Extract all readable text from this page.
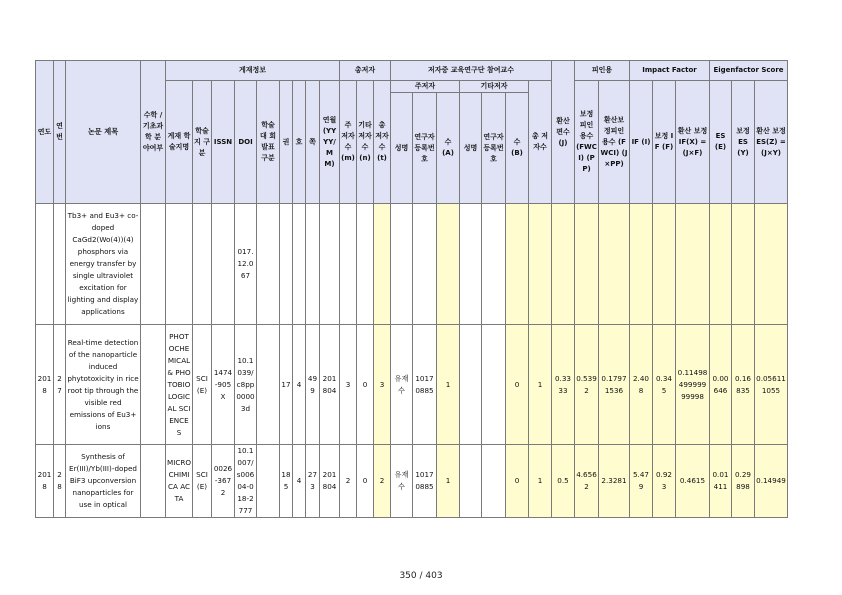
연도	연번	논문 제목	수학 /기초과학 분야여부	게재정보									총저자			저자중 교육연구단 참여교수							환산 편수 (J)	피인용		Impact Factor			Eigenfactor Score		
				게재 학술지명	학술지 구분	ISSN	DOI	학술대 회발표 구분	권	호	쪽	연월 (YYYY/ MM)	주 저자 수 (m)	기타 저자 수 (n)	총 저자 수 (t)	주저자			기타저자			총 저자수		보정 피인 용수 (FWCI) (PP)	환산보 정피인 용수 (FWCI) (J×PP)	IF (I)	보정 IF (F)	환산 보정 IF(X) = (J×F)	ES (E)	보정 ES (Y)	환산 보정 ES(Z) =(J×Y)
																성명	연구자 등록번호	수 (A)	성명	연구자 등록번호	수 (B)										
		Tb3+ and Eu3+ co-doped CaGd2(Wo(4))(4) phosphors via energy transfer by single ultraviolet excitation for lighting and display applications					017.12.067																								
2018	27	Real-time detection of the nanoparticle induced phytotoxicity in rice root tip through the visible red emissions of Eu3+ ions		PHOTOCHEMICAL & PHOTOBIOLOGICAL SCIENCES	SCI(E)	1474-905X	10.1039/c8pp00003d		17	4	499	201804	3	0	3	유재수	10170885	1			0	1	0.3333	0.5392	0.17971536	2.408	0.345	0.1149849999999998	0.00646	0.16835	0.056111055
2018	28	Synthesis of Er(III)/Yb(III)-doped BiF3 upconversion nanoparticles for use in optical		MICROCHIMICA ACTA	SCI(E)	0026-3672	10.1007/s00604-018-2777		185	4	273	201804	2	0	2	유재수	10170885	1			0	1	0.5	4.6562	2.3281	5.479	0.923	0.4615	0.01411	0.29898	0.14949
350 / 403
